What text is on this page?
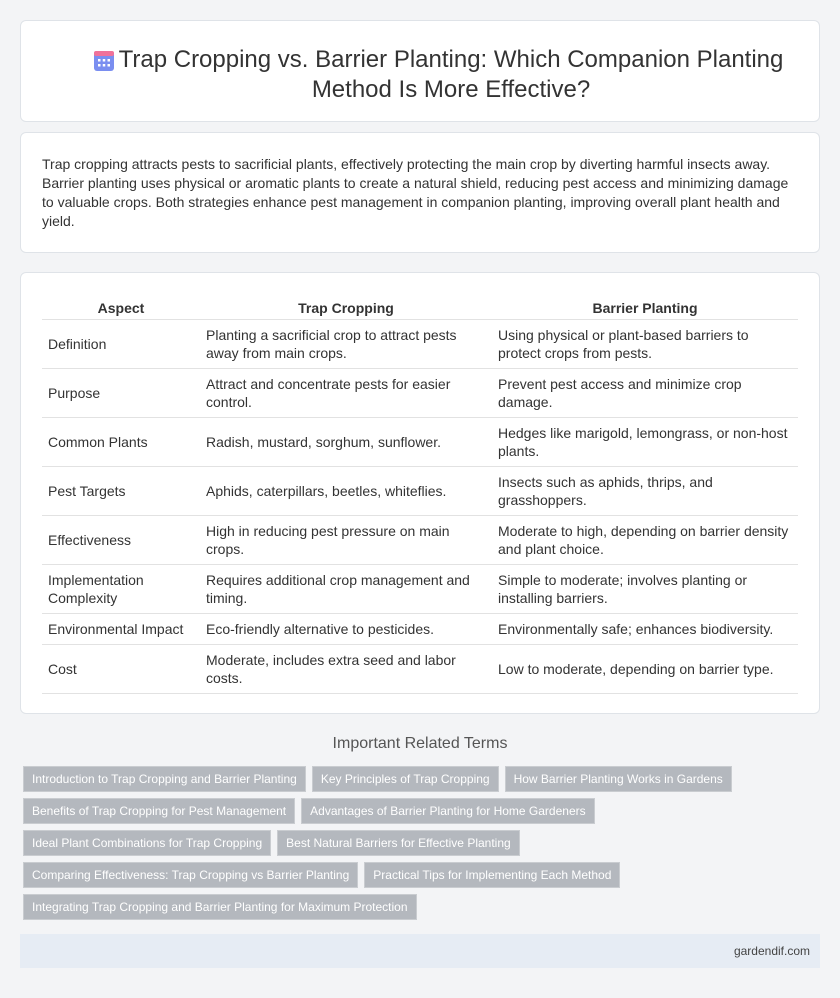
Trap Cropping vs. Barrier Planting: Which Companion Planting Method Is More Effective?

Trap cropping attracts pests to sacrificial plants, effectively protecting the main crop by diverting harmful insects away. Barrier planting uses physical or aromatic plants to create a natural shield, reducing pest access and minimizing damage to valuable crops. Both strategies enhance pest management in companion planting, improving overall plant health and yield.

Aspect	Trap Cropping	Barrier Planting
Definition	Planting a sacrificial crop to attract pests away from main crops.	Using physical or plant-based barriers to protect crops from pests.
Purpose	Attract and concentrate pests for easier control.	Prevent pest access and minimize crop damage.
Common Plants	Radish, mustard, sorghum, sunflower.	Hedges like marigold, lemongrass, or non-host plants.
Pest Targets	Aphids, caterpillars, beetles, whiteflies.	Insects such as aphids, thrips, and grasshoppers.
Effectiveness	High in reducing pest pressure on main crops.	Moderate to high, depending on barrier density and plant choice.
Implementation Complexity	Requires additional crop management and timing.	Simple to moderate; involves planting or installing barriers.
Environmental Impact	Eco-friendly alternative to pesticides.	Environmentally safe; enhances biodiversity.
Cost	Moderate, includes extra seed and labor costs.	Low to moderate, depending on barrier type.
Important Related Terms
Introduction to Trap Cropping and Barrier Planting Key Principles of Trap Cropping How Barrier Planting Works in Gardens
Benefits of Trap Cropping for Pest Management Advantages of Barrier Planting for Home Gardeners
Ideal Plant Combinations for Trap Cropping Best Natural Barriers for Effective Planting
Comparing Effectiveness: Trap Cropping vs Barrier Planting Practical Tips for Implementing Each Method
Integrating Trap Cropping and Barrier Planting for Maximum Protection
gardendif.com
